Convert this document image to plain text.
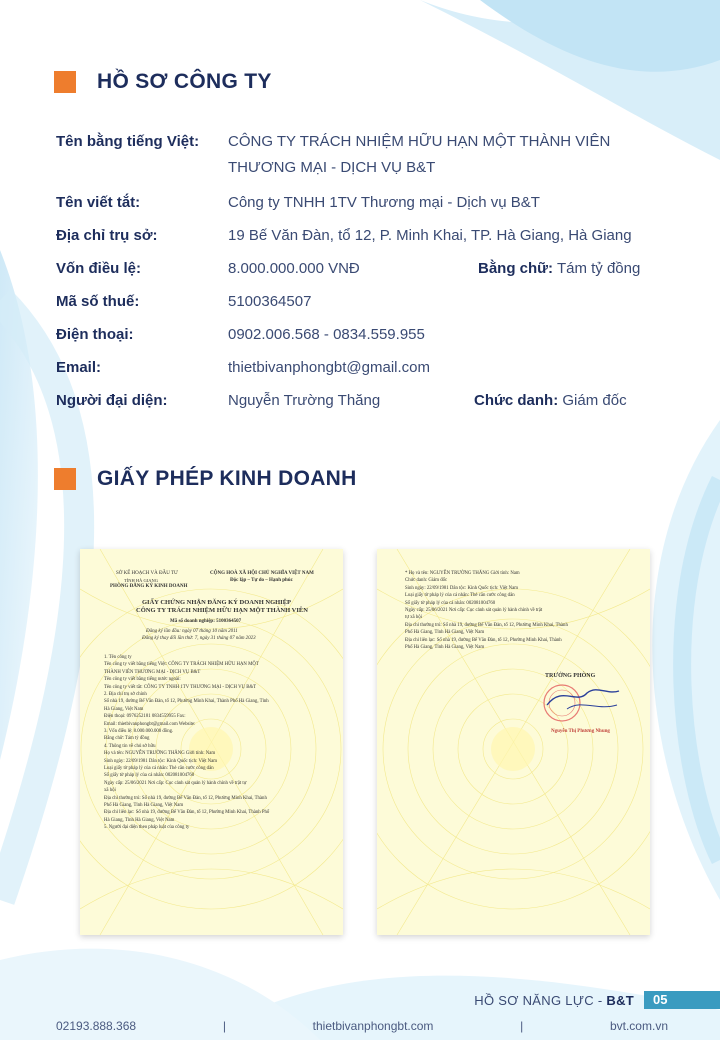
HỒ SƠ CÔNG TY
Tên bằng tiếng Việt:	CÔNG TY TRÁCH NHIỆM HỮU HẠN MỘT THÀNH VIÊN THƯƠNG MẠI - DỊCH VỤ B&T
Tên viết tắt:	Công ty TNHH 1TV Thương mại - Dịch vụ B&T
Địa chỉ trụ sở:	19 Bế Văn Đàn, tổ 12, P. Minh Khai, TP. Hà Giang, Hà Giang
Vốn điều lệ:	8.000.000.000 VNĐ	Bằng chữ: Tám tỷ đồng
Mã số thuế:	5100364507
Điện thoại:	0902.006.568 - 0834.559.955
Email:	thietbivanphongbt@gmail.com
Người đại diện:	Nguyễn Trường Thăng	Chức danh: Giám đốc
GIẤY PHÉP KINH DOANH
SỞ KẾ HOẠCH VÀ ĐẦU TƯ
TỈNH HÀ GIANG
PHÒNG ĐĂNG KÝ KINH DOANH
CỘNG HOÀ XÃ HỘI CHỦ NGHĨA VIỆT NAM
Độc lập – Tự do – Hạnh phúc
GIẤY CHỨNG NHẬN ĐĂNG KÝ DOANH NGHIỆP
CÔNG TY TRÁCH NHIỆM HỮU HẠN MỘT THÀNH VIÊN
Mã số doanh nghiệp: 5100364507
Đăng ký lần đầu: ngày 07 tháng 10 năm 2011
Đăng ký thay đổi lần thứ: 7, ngày 31 tháng 07 năm 2023
1. Tên công ty
Tên công ty viết bằng tiếng Việt: CÔNG TY TRÁCH NHIỆM HỮU HẠN MỘT
THÀNH VIÊN THƯƠNG MẠI - DỊCH VỤ B&T
Tên công ty viết bằng tiếng nước ngoài:
Tên công ty viết tắt: CÔNG TY TNHH 1TV THƯƠNG MẠI - DỊCH VỤ B&T
2. Địa chỉ trụ sở chính
Số nhà 19, đường Bế Văn Đàn, tổ 12, Phường Minh Khai, Thành Phố Hà Giang, Tỉnh
Hà Giang, Việt Nam
Điện thoại: 0976252181 0834559955 Fax:
Email: thietbivanphongbt@gmail.com Website:
3. Vốn điều lệ: 8.000.000.000 đồng.
Bằng chữ: Tám tỷ đồng
4. Thông tin về chủ sở hữu
Họ và tên: NGUYỄN TRƯỜNG THĂNG Giới tính: Nam
Sinh ngày: 22/09/1981 Dân tộc: Kinh Quốc tịch: Việt Nam
Loại giấy tờ pháp lý của cá nhân: Thẻ căn cước công dân
Số giấy tờ pháp lý của cá nhân: 002081004760
Ngày cấp: 25/06/2021 Nơi cấp: Cục cảnh sát quản lý hành chính về trật tự
xã hội
Địa chỉ thường trú: Số nhà 19, đường Bế Văn Đàn, tổ 12, Phường Minh Khai, Thành
Phố Hà Giang, Tỉnh Hà Giang, Việt Nam
Địa chỉ liên lạc: Số nhà 19, đường Bế Văn Đàn, tổ 12, Phường Minh Khai, Thành Phố
Hà Giang, Tỉnh Hà Giang, Việt Nam
5. Người đại diện theo pháp luật của công ty
* Họ và tên: NGUYỄN TRƯỜNG THĂNG Giới tính: Nam
Chức danh: Giám đốc
Sinh ngày: 22/09/1981 Dân tộc: Kinh Quốc tịch: Việt Nam
Loại giấy tờ pháp lý của cá nhân: Thẻ căn cước công dân
Số giấy tờ pháp lý của cá nhân: 002081004760
Ngày cấp: 25/06/2021 Nơi cấp: Cục cảnh sát quản lý hành chính về trật
tự xã hội
Địa chỉ thường trú: Số nhà 19, đường Bế Văn Đàn, tổ 12, Phường Minh Khai, Thành
Phố Hà Giang, Tỉnh Hà Giang, Việt Nam
Địa chỉ liên lạc: Số nhà 19, đường Bế Văn Đàn, tổ 12, Phường Minh Khai, Thành
Phố Hà Giang, Tỉnh Hà Giang, Việt Nam
TRƯỞNG PHÒNG
Nguyễn Thị Phương Nhung
HỒ SƠ NĂNG LỰC - B&T	05
02193.888.368	|	thietbivanphongbt.com	|	bvt.com.vn
